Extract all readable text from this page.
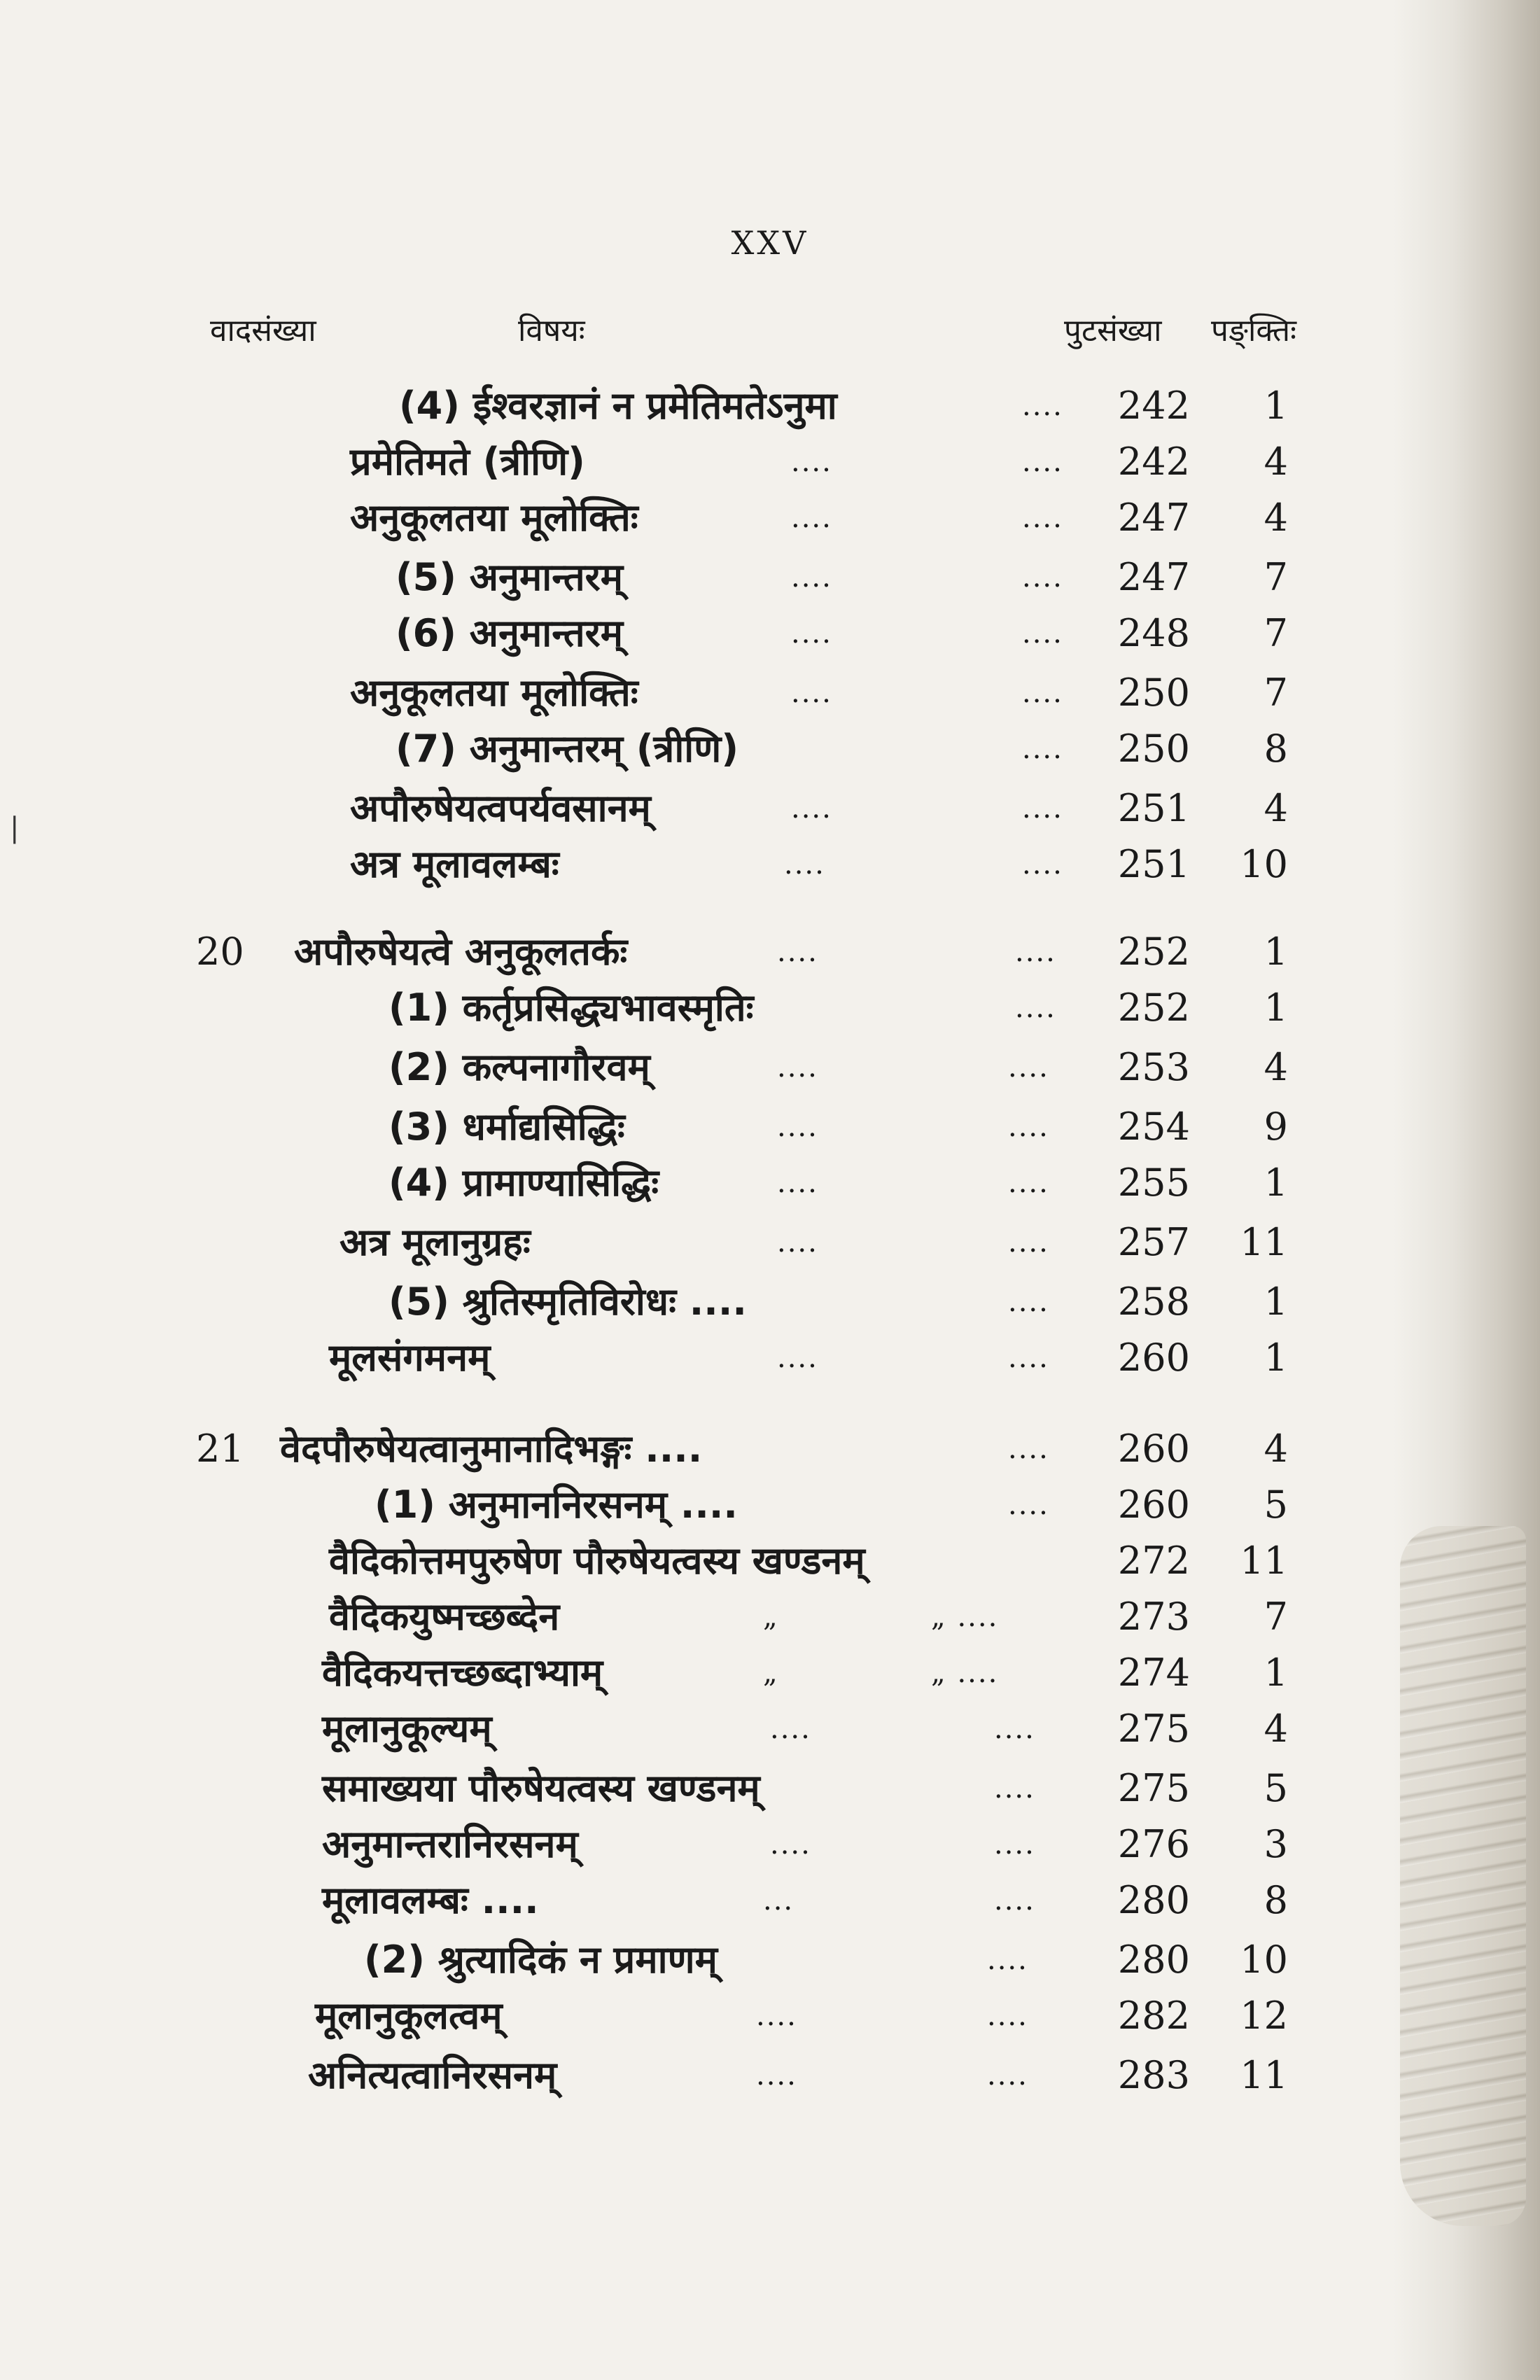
XXV
वादसंख्या	विषयः	पुटसंख्या पङ्क्तिः
|
(4) ईश्वरज्ञानं न प्रमेतिमतेऽनुमा	....	242	1
प्रमेतिमते (त्रीणि)	....	....	242	4
अनुकूलतया मूलोक्तिः	....	....	247	4
(5) अनुमान्तरम्	....	....	247	7
(6) अनुमान्तरम्	....	....	248	7
अनुकूलतया मूलोक्तिः	....	....	250	7
(7) अनुमान्तरम् (त्रीणि)	....	250	8
अपौरुषेयत्वपर्यवसानम्	....	....	251	4
अत्र मूलावलम्बः	....	....	251	10
20 अपौरुषेयत्वे अनुकूलतर्कः	....	....	252	1
(1) कर्तृप्रसिद्ध्यभावस्मृतिः	....	252	1
(2) कल्पनागौरवम्	....	....	253	4
(3) धर्माद्यसिद्धिः	....	....	254	9
(4) प्रामाण्यासिद्धिः	....	....	255	1
अत्र मूलानुग्रहः	....	....	257	11
(5) श्रुतिस्मृतिविरोधः ....	....	258	1
मूलसंगमनम्	....	....	260	1
21 वेदपौरुषेयत्वानुमानादिभङ्गः ....	....	260	4
(1) अनुमाननिरसनम् ....	....	260	5
वैदिकोत्तमपुरुषेण पौरुषेयत्वस्य खण्डनम्	272	11
वैदिकयुष्मच्छब्देन	„	„ ....	273	7
वैदिकयत्तच्छब्दाभ्याम्	„	„ ....	274	1
मूलानुकूल्यम्	....	....	275	4
समाख्यया पौरुषेयत्वस्य खण्डनम्	....	275	5
अनुमान्तरानिरसनम्	....	....	276	3
मूलावलम्बः ....	...	....	280	8
(2) श्रुत्यादिकं न प्रमाणम्	....	280	10
मूलानुकूलत्वम्	....	....	282	12
अनित्यत्वानिरसनम्	....	....	283	11
